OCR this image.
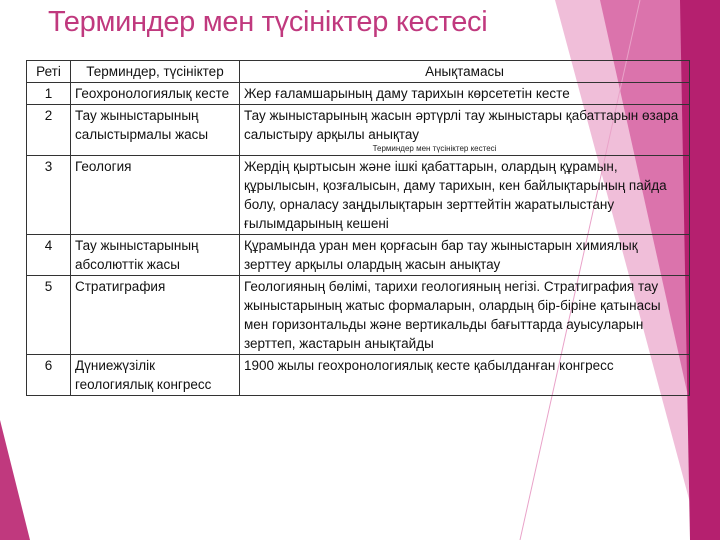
Терминдер мен түсініктер кестесі
Реті	Терминдер, түсініктер	Анықтамасы
1	Геохронологиялық кесте	Жер ғаламшарының даму тарихын көрсететін кесте
2	Тау жыныстарының салыстырмалы жасы	Тау жыныстарының жасын әртүрлі тау жыныстары қабаттарын өзара салыстыру арқылы анықтау
Терминдер мен түсініктер кестесі

3	Геология	Жердің қыртысын және ішкі қабаттарын, олардың құрамын, құрылысын, қозғалысын, даму тарихын, кен байлықтарының пайда болу, орналасу заңдылықтарын зерттейтін жаратылыстану ғылымдарының кешені
4	Тау жыныстарының абсолюттік жасы	Құрамында уран мен қорғасын бар тау жыныстарын химиялық зерттеу арқылы олардың жасын анықтау
5	Стратиграфия	Геологияның бөлімі, тарихи геологияның негізі. Стратиграфия тау жыныстарының жатыс формаларын, олардың бір-біріне қатынасы мен горизонтальды және вертикальды бағыттарда ауысуларын зерттеп, жастарын анықтайды
6	Дүниежүзілік геологиялық конгресс	1900 жылы геохронологиялық кесте қабылданған конгресс
